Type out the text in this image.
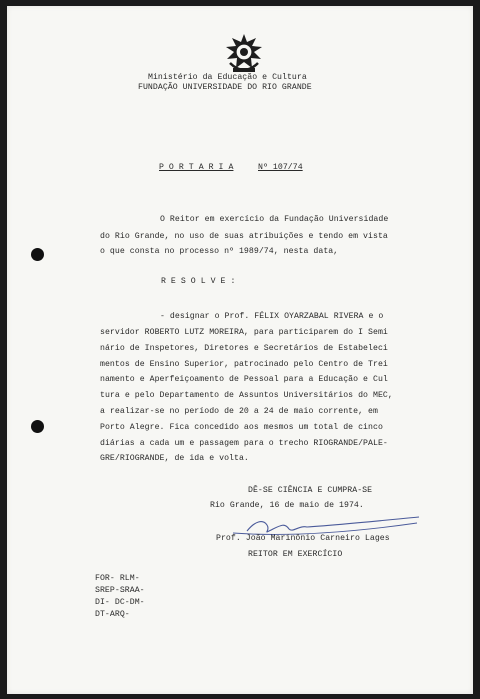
Ministério da Educação e Cultura
FUNDAÇÃO UNIVERSIDADE DO RIO GRANDE
P O R T A R I A	Nº 107/74
O Reitor em exercício da Fundação Universidade
do Rio Grande, no uso de suas atribuições e tendo em vista
o que consta no processo nº 1989/74, nesta data,
R E S O L V E :
- designar o Prof. FÉLIX OYARZABAL RIVERA e o
servidor ROBERTO LUTZ MOREIRA, para participarem do I Semi
nário de Inspetores, Diretores e Secretários de Estabeleci
mentos de Ensino Superior, patrocinado pelo Centro de Trei
namento e Aperfeiçoamento de Pessoal para a Educação e Cul
tura e pelo Departamento de Assuntos Universitários do MEC,
a realizar-se no período de 20 a 24 de maio corrente, em
Porto Alegre. Fica concedido aos mesmos um total de cinco
diárias a cada um e passagem para o trecho RIOGRANDE/PALE-
GRE/RIOGRANDE, de ida e volta.
DÊ-SE CIÊNCIA E CUMPRA-SE
Rio Grande, 16 de maio de 1974.
Prof. João Marinônio Carneiro Lages
REITOR EM EXERCÍCIO
FOR- RLM-
SREP-SRAA-
DI- DC-DM-
DT-ARQ-
